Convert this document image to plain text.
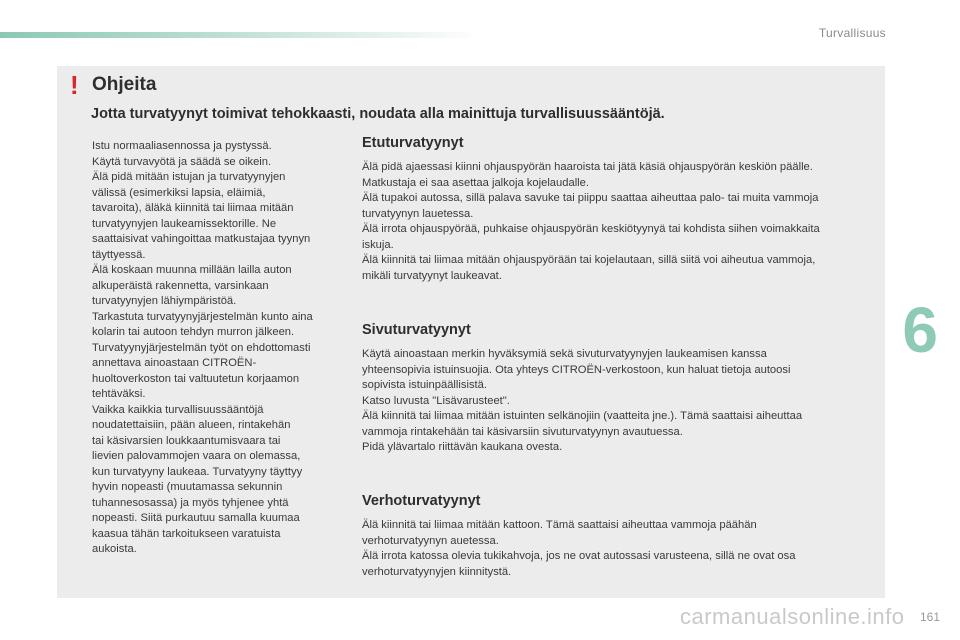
Turvallisuus
6
! Ohjeita
Jotta turvatyynyt toimivat tehokkaasti, noudata alla mainittuja turvallisuussääntöjä.

Istu normaaliasennossa ja pystyssä.

Käytä turvavyötä ja säädä se oikein.

Älä pidä mitään istujan ja turvatyynyjen

välissä (esimerkiksi lapsia, eläimiä,

tavaroita), äläkä kiinnitä tai liimaa mitään

turvatyynyjen laukeamissektorille. Ne

saattaisivat vahingoittaa matkustajaa tyynyn

täyttyessä.

Älä koskaan muunna millään lailla auton

alkuperäistä rakennetta, varsinkaan

turvatyynyjen lähiympäristöä.

Tarkastuta turvatyynyjärjestelmän kunto aina

kolarin tai autoon tehdyn murron jälkeen.

Turvatyynyjärjestelmän työt on ehdottomasti

annettava ainoastaan CITROËN-

huoltoverkoston tai valtuutetun korjaamon

tehtäväksi.

Vaikka kaikkia turvallisuussääntöjä

noudatettaisiin, pään alueen, rintakehän

tai käsivarsien loukkaantumisvaara tai

lievien palovammojen vaara on olemassa,

kun turvatyyny laukeaa. Turvatyyny täyttyy

hyvin nopeasti (muutamassa sekunnin

tuhannesosassa) ja myös tyhjenee yhtä

nopeasti. Siitä purkautuu samalla kuumaa

kaasua tähän tarkoitukseen varatuista

aukoista.

Etuturvatyynyt

Älä pidä ajaessasi kiinni ohjauspyörän haaroista tai jätä käsiä ohjauspyörän keskiön päälle.

Matkustaja ei saa asettaa jalkoja kojelaudalle.

Älä tupakoi autossa, sillä palava savuke tai piippu saattaa aiheuttaa palo- tai muita vammoja

turvatyynyn lauetessa.

Älä irrota ohjauspyörää, puhkaise ohjauspyörän keskiötyynyä tai kohdista siihen voimakkaita

iskuja.

Älä kiinnitä tai liimaa mitään ohjauspyörään tai kojelautaan, sillä siitä voi aiheutua vammoja,

mikäli turvatyynyt laukeavat.

Sivuturvatyynyt

Käytä ainoastaan merkin hyväksymiä sekä sivuturvatyynyjen laukeamisen kanssa

yhteensopivia istuinsuojia. Ota yhteys CITROËN-verkostoon, kun haluat tietoja autoosi

sopivista istuinpäällisistä.

Katso luvusta "Lisävarusteet".

Älä kiinnitä tai liimaa mitään istuinten selkänojiin (vaatteita jne.). Tämä saattaisi aiheuttaa

vammoja rintakehään tai käsivarsiin sivuturvatyynyn avautuessa.

Pidä ylävartalo riittävän kaukana ovesta.

Verhoturvatyynyt

Älä kiinnitä tai liimaa mitään kattoon. Tämä saattaisi aiheuttaa vammoja päähän

verhoturvatyynyn auetessa.

Älä irrota katossa olevia tukikahvoja, jos ne ovat autossasi varusteena, sillä ne ovat osa

verhoturvatyynyjen kiinnitystä.

carmanualsonline.info 161
